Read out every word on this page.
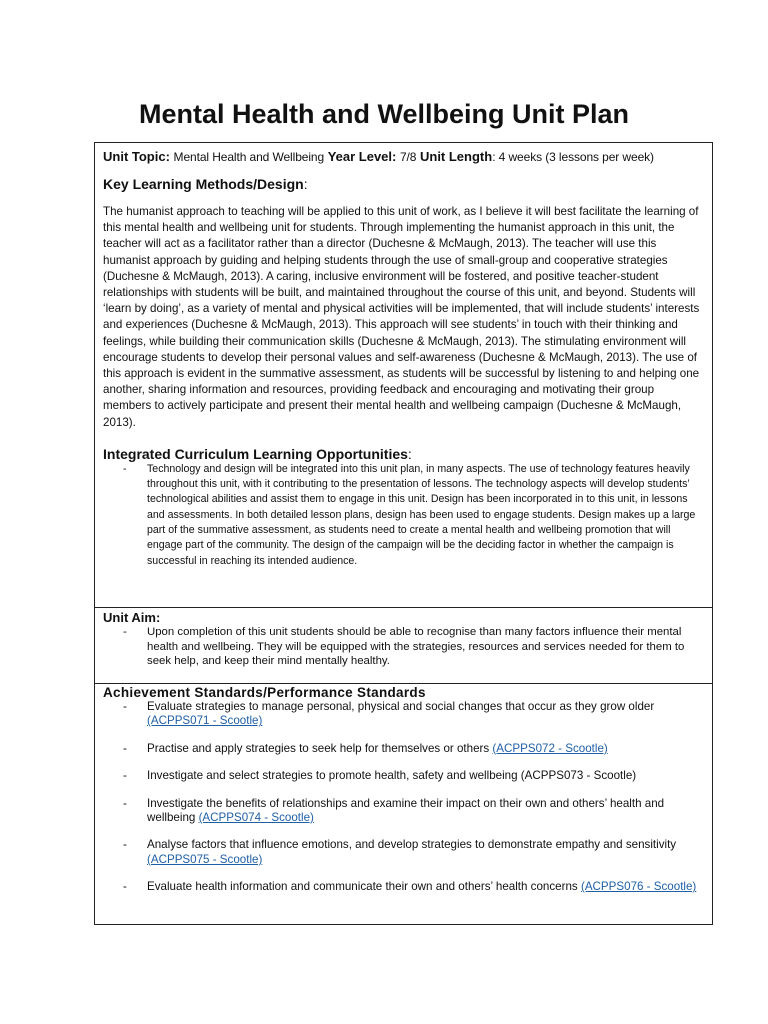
Mental Health and Wellbeing Unit Plan
Unit Topic: Mental Health and Wellbeing Year Level: 7/8 Unit Length: 4 weeks (3 lessons per week)
Key Learning Methods/Design:
The humanist approach to teaching will be applied to this unit of work, as I believe it will best facilitate the learning of this mental health and wellbeing unit for students. Through implementing the humanist approach in this unit, the teacher will act as a facilitator rather than a director (Duchesne & McMaugh, 2013). The teacher will use this humanist approach by guiding and helping students through the use of small-group and cooperative strategies (Duchesne & McMaugh, 2013). A caring, inclusive environment will be fostered, and positive teacher-student relationships with students will be built, and maintained throughout the course of this unit, and beyond. Students will ‘learn by doing’, as a variety of mental and physical activities will be implemented, that will include students’ interests and experiences (Duchesne & McMaugh, 2013). This approach will see students’ in touch with their thinking and feelings, while building their communication skills (Duchesne & McMaugh, 2013). The stimulating environment will encourage students to develop their personal values and self-awareness (Duchesne & McMaugh, 2013). The use of this approach is evident in the summative assessment, as students will be successful by listening to and helping one another, sharing information and resources, providing feedback and encouraging and motivating their group members to actively participate and present their mental health and wellbeing campaign (Duchesne & McMaugh, 2013).
Integrated Curriculum Learning Opportunities:
- Technology and design will be integrated into this unit plan, in many aspects. The use of technology features heavily throughout this unit, with it contributing to the presentation of lessons. The technology aspects will develop students’ technological abilities and assist them to engage in this unit. Design has been incorporated in to this unit, in lessons and assessments. In both detailed lesson plans, design has been used to engage students. Design makes up a large part of the summative assessment, as students need to create a mental health and wellbeing promotion that will engage part of the community. The design of the campaign will be the deciding factor in whether the campaign is successful in reaching its intended audience.
Unit Aim:
- Upon completion of this unit students should be able to recognise than many factors influence their mental health and wellbeing. They will be equipped with the strategies, resources and services needed for them to seek help, and keep their mind mentally healthy.
Achievement Standards/Performance Standards
- Evaluate strategies to manage personal, physical and social changes that occur as they grow older (ACPPS071 - Scootle)
- Practise and apply strategies to seek help for themselves or others (ACPPS072 - Scootle)
- Investigate and select strategies to promote health, safety and wellbeing (ACPPS073 - Scootle)
- Investigate the benefits of relationships and examine their impact on their own and others’ health and wellbeing (ACPPS074 - Scootle)
- Analyse factors that influence emotions, and develop strategies to demonstrate empathy and sensitivity (ACPPS075 - Scootle)
- Evaluate health information and communicate their own and others’ health concerns (ACPPS076 - Scootle)
